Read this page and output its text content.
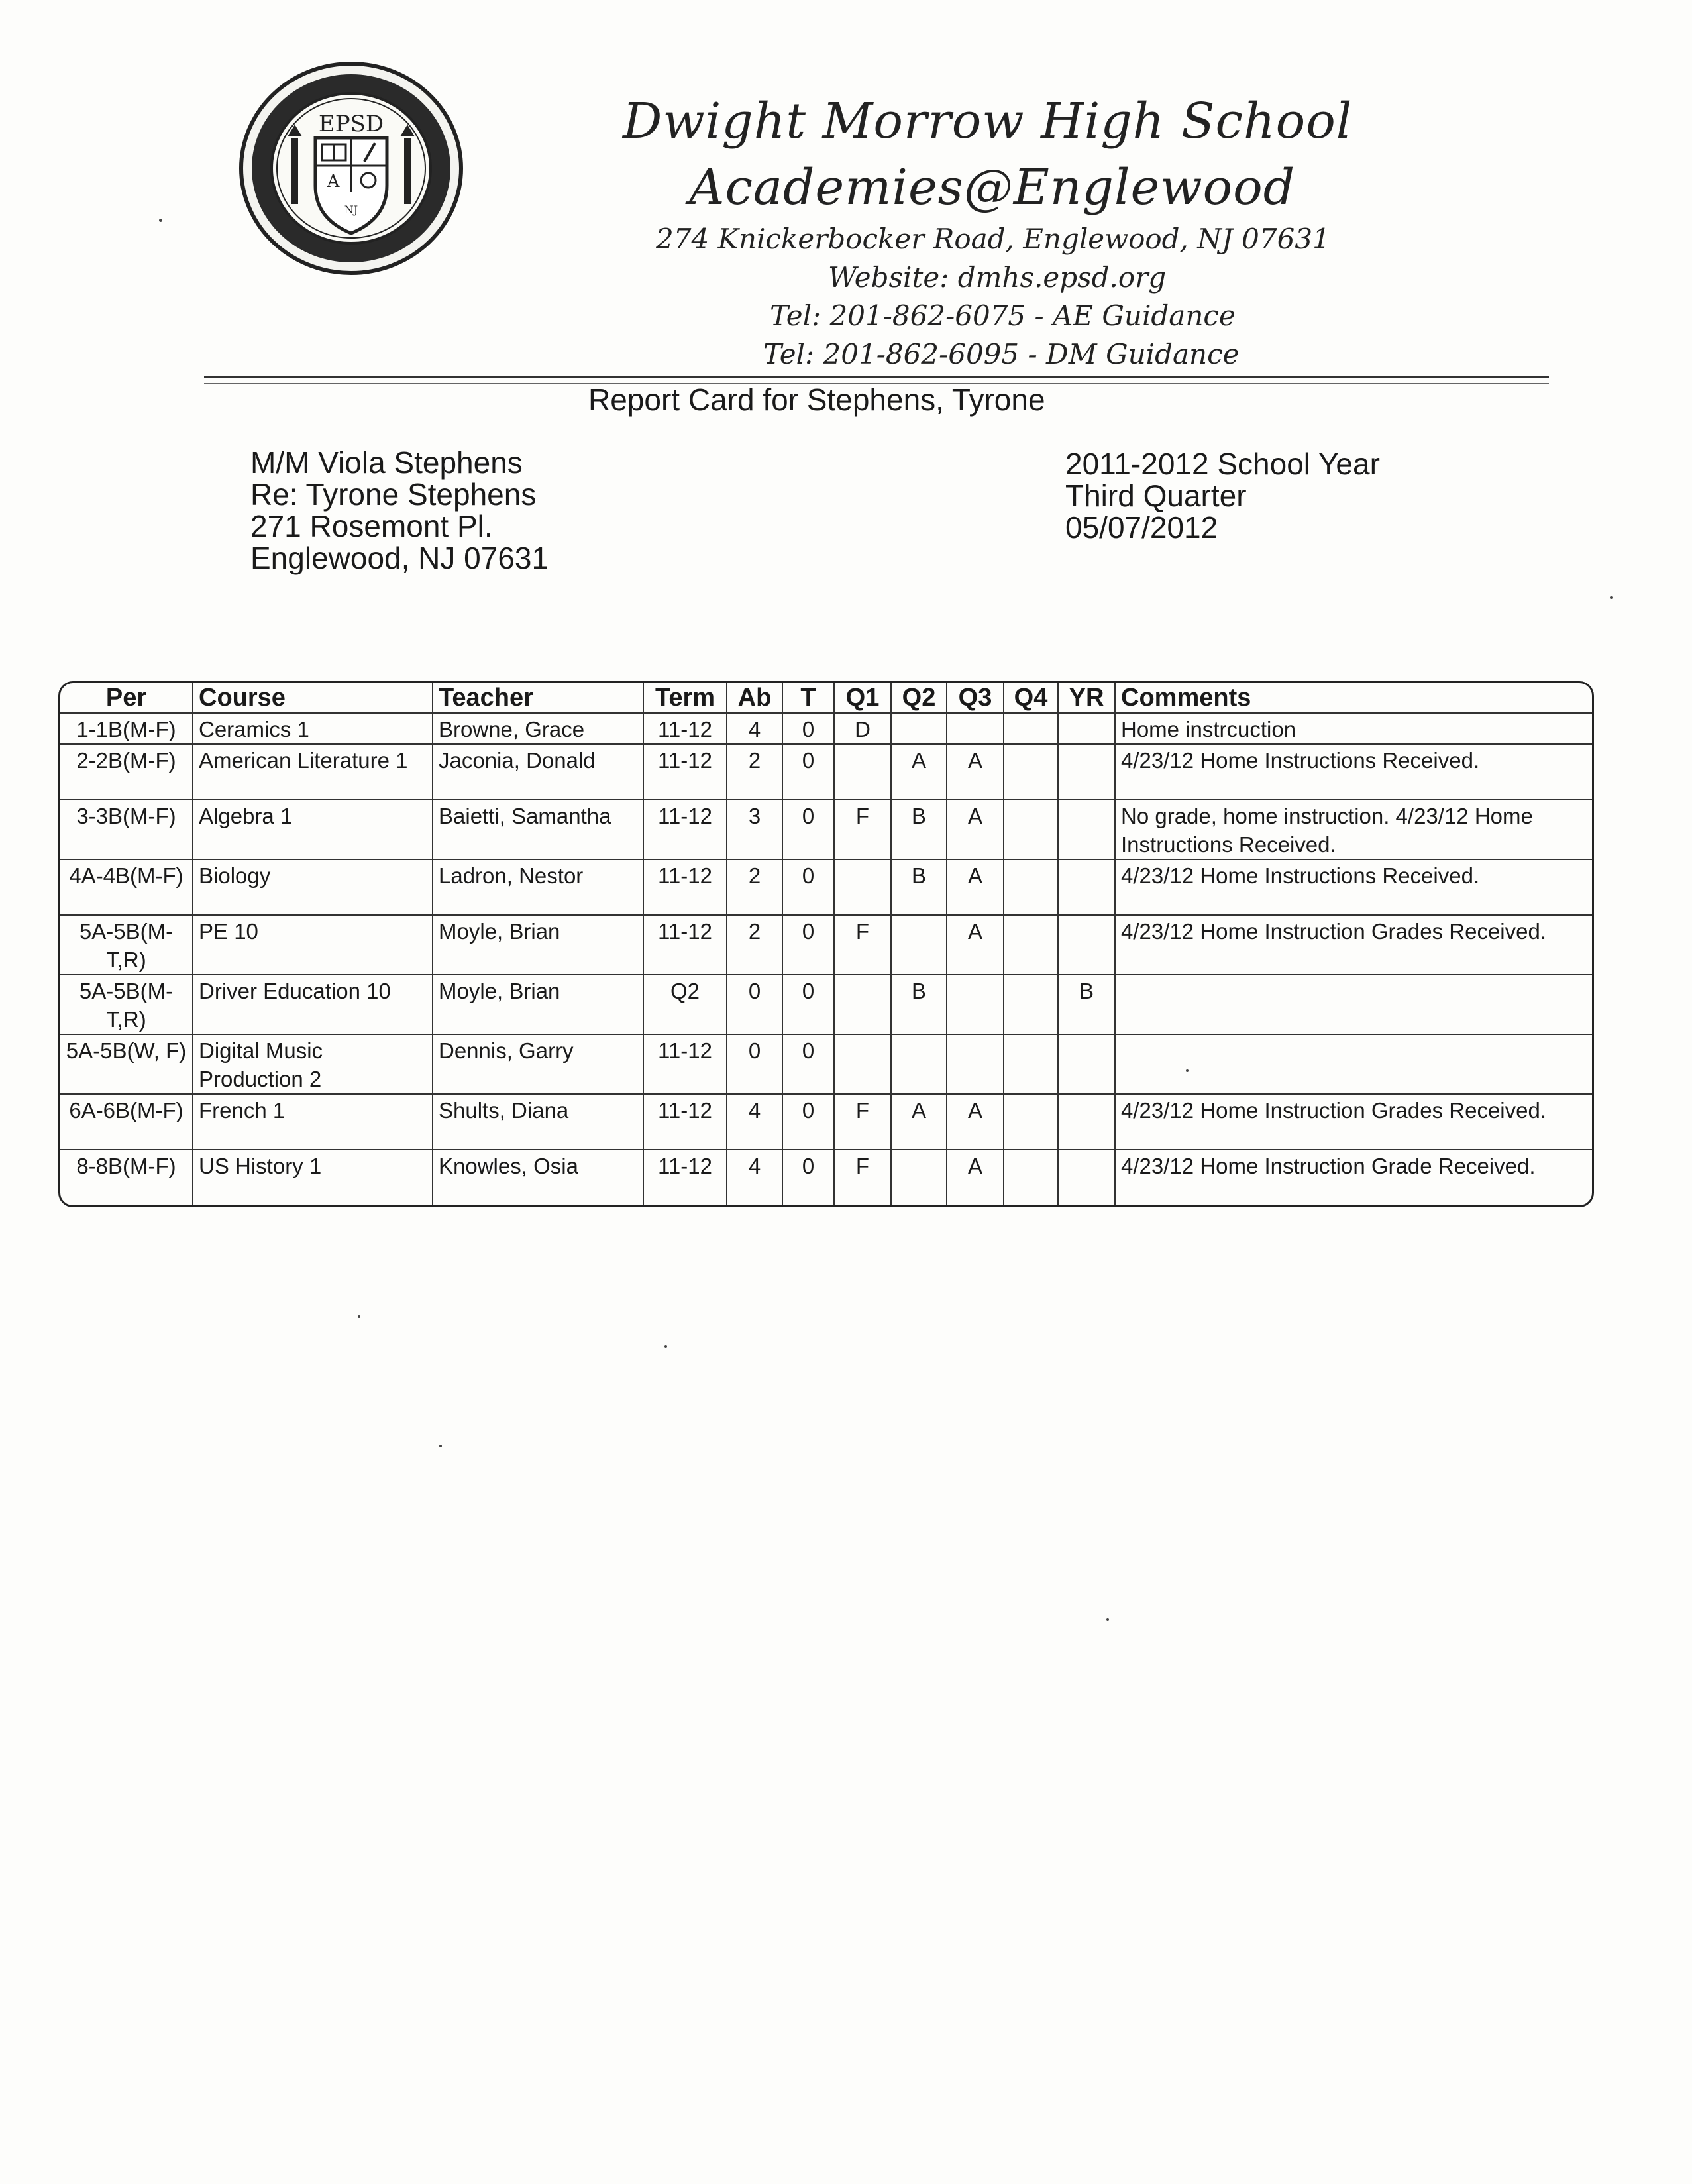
EPSD
A
NJ
Dwight Morrow High School
Academies@Englewood
274 Knickerbocker Road, Englewood, NJ 07631
Website: dmhs.epsd.org
Tel: 201-862-6075 - AE Guidance
Tel: 201-862-6095 - DM Guidance
Report Card for Stephens, Tyrone
M/M Viola Stephens
Re: Tyrone Stephens
271 Rosemont Pl.
Englewood, NJ 07631
2011-2012 School Year
Third Quarter
05/07/2012
Per	Course	Teacher	Term	Ab	T	Q1	Q2	Q3	Q4	YR	Comments
1-1B(M-F)	Ceramics 1	Browne, Grace	11-12	4	0	D					Home instrcuction
2-2B(M-F)	American Literature 1	Jaconia, Donald	11-12	2	0		A	A			4/23/12 Home Instructions Received.
3-3B(M-F)	Algebra 1	Baietti, Samantha	11-12	3	0	F	B	A			No grade, home instruction. 4/23/12 Home Instructions Received.
4A-4B(M-F)	Biology	Ladron, Nestor	11-12	2	0		B	A			4/23/12 Home Instructions Received.
5A-5B(M-T,R)	PE 10	Moyle, Brian	11-12	2	0	F		A			4/23/12 Home Instruction Grades Received.
5A-5B(M-T,R)	Driver Education 10	Moyle, Brian	Q2	0	0		B			B	
5A-5B(W, F)	Digital Music Production 2	Dennis, Garry	11-12	0	0						
6A-6B(M-F)	French 1	Shults, Diana	11-12	4	0	F	A	A			4/23/12 Home Instruction Grades Received.
8-8B(M-F)	US History 1	Knowles, Osia	11-12	4	0	F		A			4/23/12 Home Instruction Grade Received.
